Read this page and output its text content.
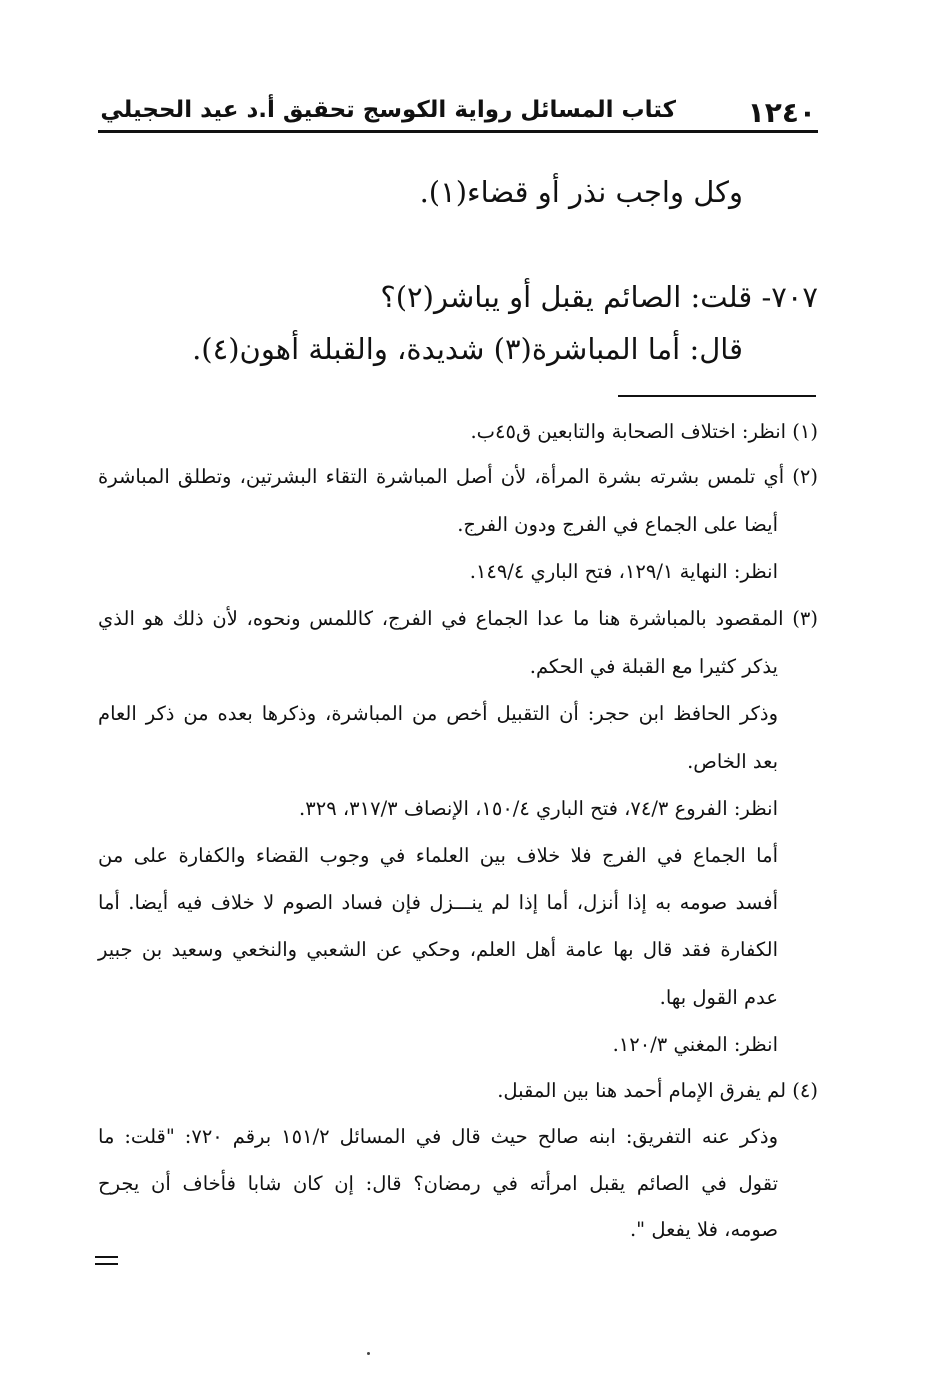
١٢٤٠
كتاب المسائل رواية الكوسج تحقيق أ.د عيد الحجيلي
وكل واجب نذر أو قضاء(١).
٧٠٧- قلت: الصائم يقبل أو يباشر(٢)؟
قال: أما المباشرة(٣) شديدة، والقبلة أهون(٤).
(١) انظر: اختلاف الصحابة والتابعين ق٤٥ب.
(٢) أي تلمس بشرته بشرة المرأة، لأن أصل المباشرة التقاء البشرتين، وتطلق المباشرة
أيضا على الجماع في الفرج ودون الفرج.
انظر: النهاية ١٢٩/١، فتح الباري ١٤٩/٤.
(٣) المقصود بالمباشرة هنا ما عدا الجماع في الفرج، كاللمس ونحوه، لأن ذلك هو الذي
يذكر كثيرا مع القبلة في الحكم.
وذكر الحافظ ابن حجر: أن التقبيل أخص من المباشرة، وذكرها بعده من ذكر العام
بعد الخاص.
انظر: الفروع ٧٤/٣، فتح الباري ١٥٠/٤، الإنصاف ٣١٧/٣، ٣٢٩.
أما الجماع في الفرج فلا خلاف بين العلماء في وجوب القضاء والكفارة على من
أفسد صومه به إذا أنزل، أما إذا لم ينـــزل فإن فساد الصوم لا خلاف فيه أيضا. أما
الكفارة فقد قال بها عامة أهل العلم، وحكي عن الشعبي والنخعي وسعيد بن جبير
عدم القول بها.
انظر: المغني ١٢٠/٣.
(٤) لم يفرق الإمام أحمد هنا بين المقبل.
وذكر عنه التفريق: ابنه صالح حيث قال في المسائل ١٥١/٢ برقم ٧٢٠: "قلت: ما
تقول في الصائم يقبل امرأته في رمضان؟ قال: إن كان شابا فأخاف أن يجرح
صومه، فلا يفعل ".
